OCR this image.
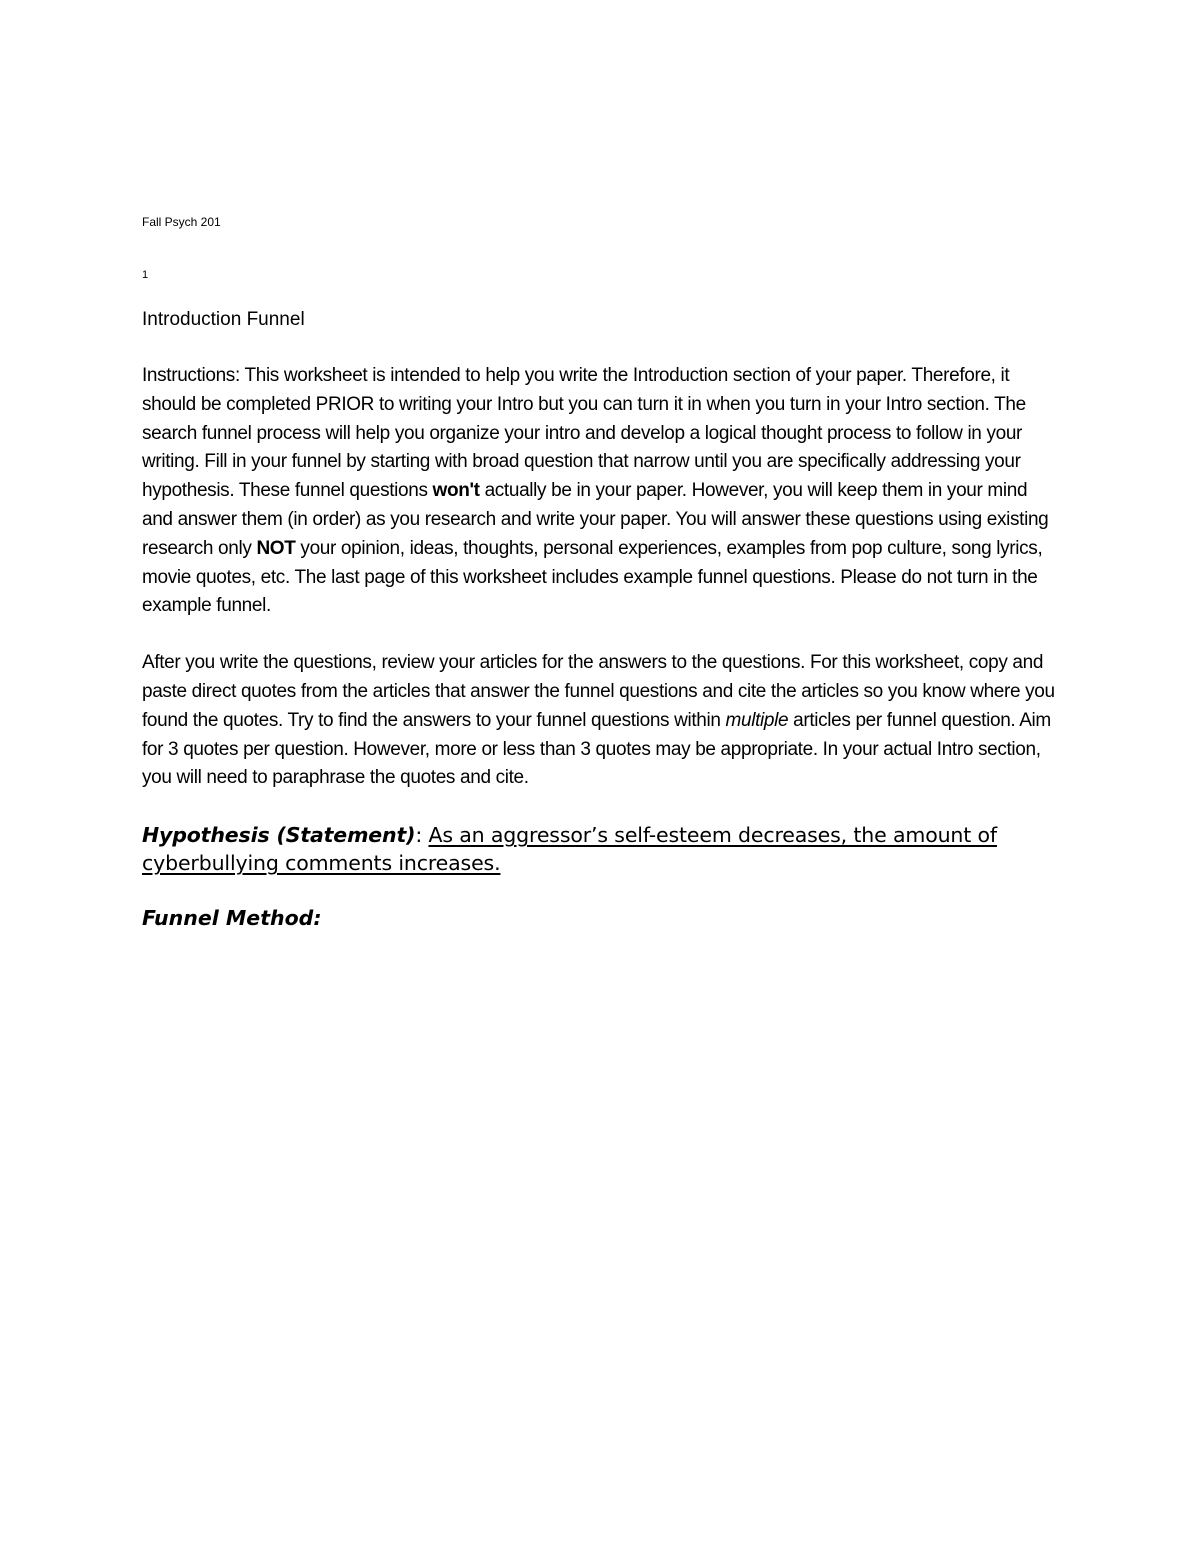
Fall Psych 201

1

Introduction Funnel

Instructions: This worksheet is intended to help you write the Introduction section of your paper. Therefore, it should be completed PRIOR to writing your Intro but you can turn it in when you turn in your Intro section. The search funnel process will help you organize your intro and develop a logical thought process to follow in your writing. Fill in your funnel by starting with broad question that narrow until you are specifically addressing your hypothesis. These funnel questions won't actually be in your paper. However, you will keep them in your mind and answer them (in order) as you research and write your paper. You will answer these questions using existing research only NOT your opinion, ideas, thoughts, personal experiences, examples from pop culture, song lyrics, movie quotes, etc. The last page of this worksheet includes example funnel questions. Please do not turn in the example funnel.

After you write the questions, review your articles for the answers to the questions. For this worksheet, copy and paste direct quotes from the articles that answer the funnel questions and cite the articles so you know where you found the quotes. Try to find the answers to your funnel questions within multiple articles per funnel question. Aim for 3 quotes per question. However, more or less than 3 quotes may be appropriate. In your actual Intro section, you will need to paraphrase the quotes and cite.

Hypothesis (Statement): As an aggressor’s self-esteem decreases, the amount of cyberbullying comments increases.

Funnel Method:
